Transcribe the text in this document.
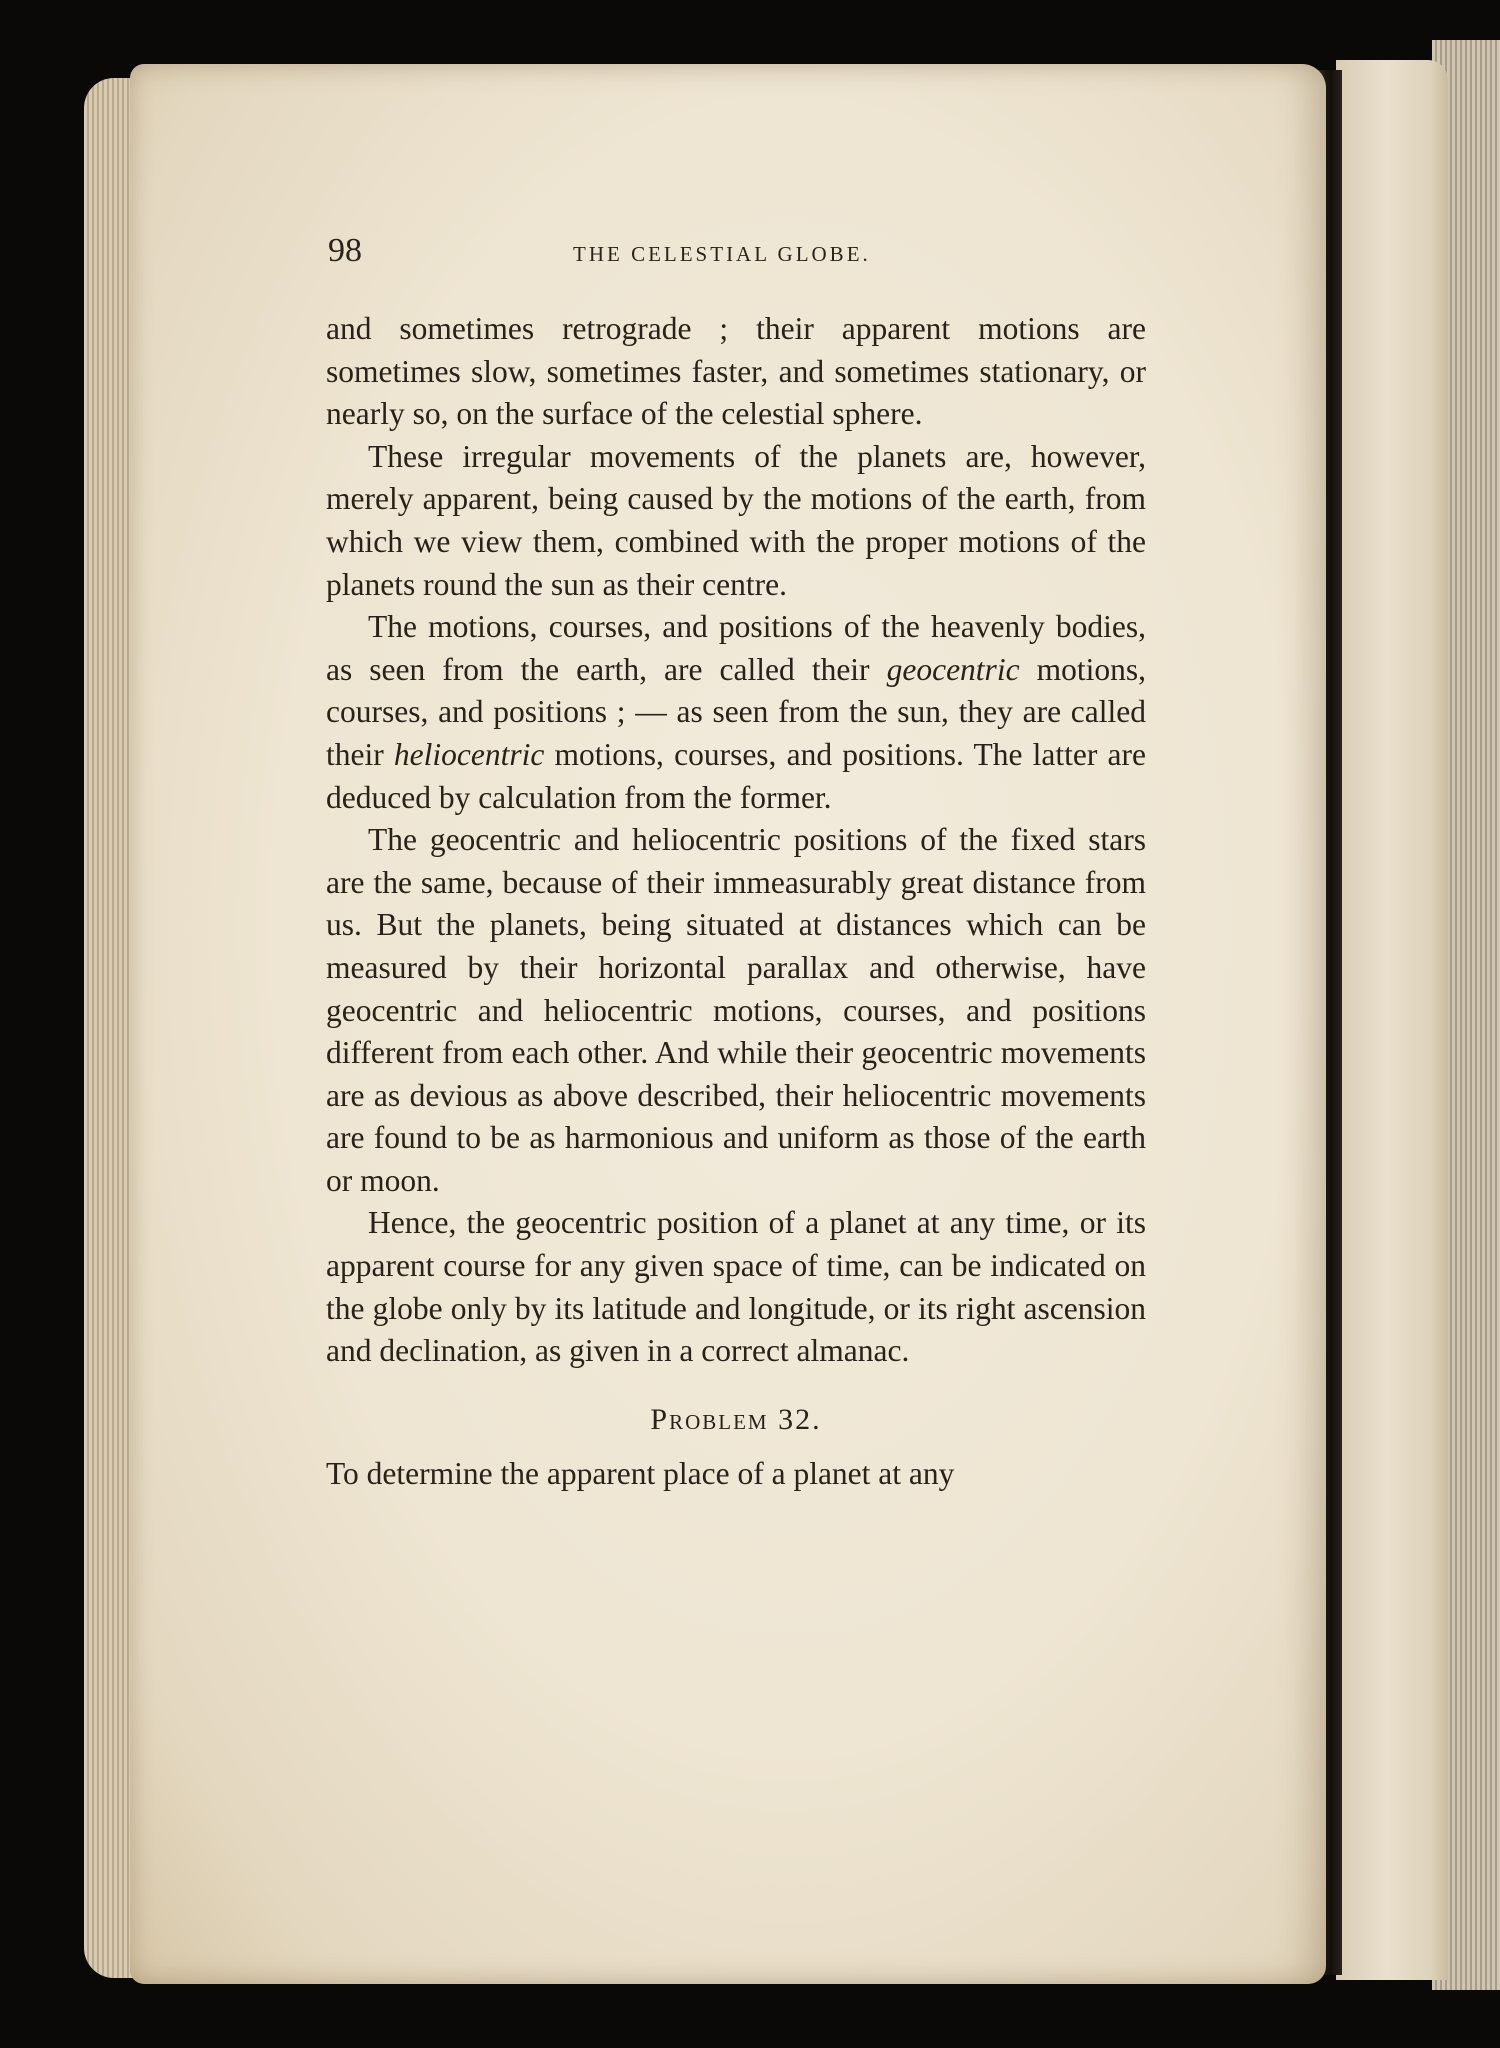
98	THE CELESTIAL GLOBE.

and sometimes retrograde ; their apparent motions are sometimes slow, sometimes faster, and sometimes stationary, or nearly so, on the surface of the celestial sphere.

These irregular movements of the planets are, however, merely apparent, being caused by the motions of the earth, from which we view them, combined with the proper motions of the planets round the sun as their centre.

The motions, courses, and positions of the heavenly bodies, as seen from the earth, are called their geocentric motions, courses, and positions ; — as seen from the sun, they are called their heliocentric motions, courses, and positions. The latter are deduced by calculation from the former.

The geocentric and heliocentric positions of the fixed stars are the same, because of their immeasurably great distance from us. But the planets, being situated at distances which can be measured by their horizontal parallax and otherwise, have geocentric and heliocentric motions, courses, and positions different from each other. And while their geocentric movements are as devious as above described, their heliocentric movements are found to be as harmonious and uniform as those of the earth or moon.

Hence, the geocentric position of a planet at any time, or its apparent course for any given space of time, can be indicated on the globe only by its latitude and longitude, or its right ascension and declination, as given in a correct almanac.

Problem 32.

To determine the apparent place of a planet at any
